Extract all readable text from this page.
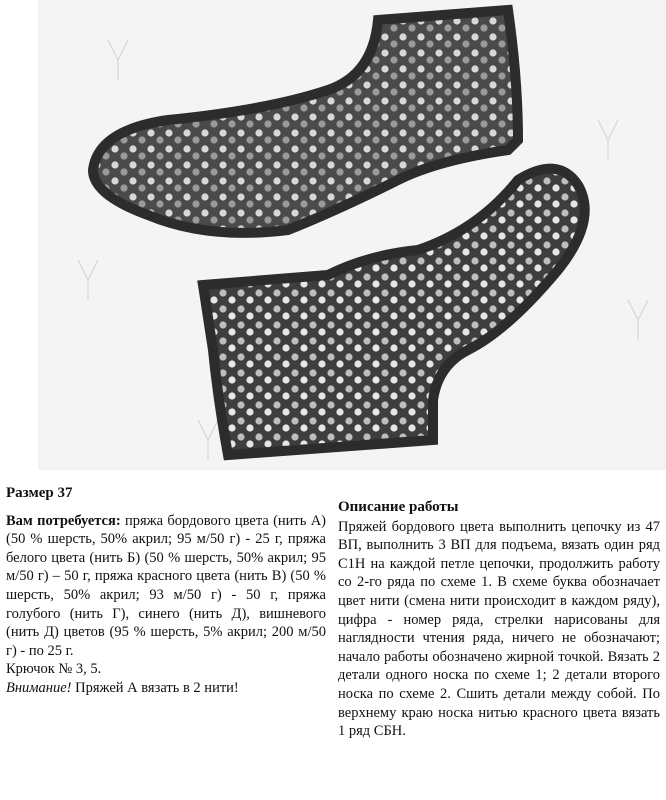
Размер 37

Вам потребуется: пряжа бордового цвета (нить А) (50 % шерсть, 50% акрил; 95 м/50 г) - 25 г, пряжа белого цвета (нить Б) (50 % шерсть, 50% акрил; 95 м/50 г) – 50 г, пряжа красного цвета (нить В) (50 % шерсть, 50% акрил; 93 м/50 г) - 50 г, пряжа голубого (нить Г), синего (нить Д), вишневого (нить Д) цветов (95 % шерсть, 5% акрил; 200 м/50 г) - по 25 г.

Крючок № 3, 5.

Внимание! Пряжей А вязать в 2 нити!

Описание работы

Пряжей бордового цвета выполнить цепочку из 47 ВП, выполнить 3 ВП для подъема, вязать один ряд С1Н на каждой петле цепочки, продолжить работу со 2-го ряда по схеме 1. В схеме буква обозначает цвет нити (смена нити происходит в каждом ряду), цифра - номер ряда, стрелки нарисованы для наглядности чтения ряда, ничего не обозначают; начало работы обозначено жирной точкой. Вязать 2 детали одного носка по схеме 1; 2 детали второго носка по схеме 2. Сшить детали между собой. По верхнему краю носка нитью красного цвета вязать 1 ряд СБН.
